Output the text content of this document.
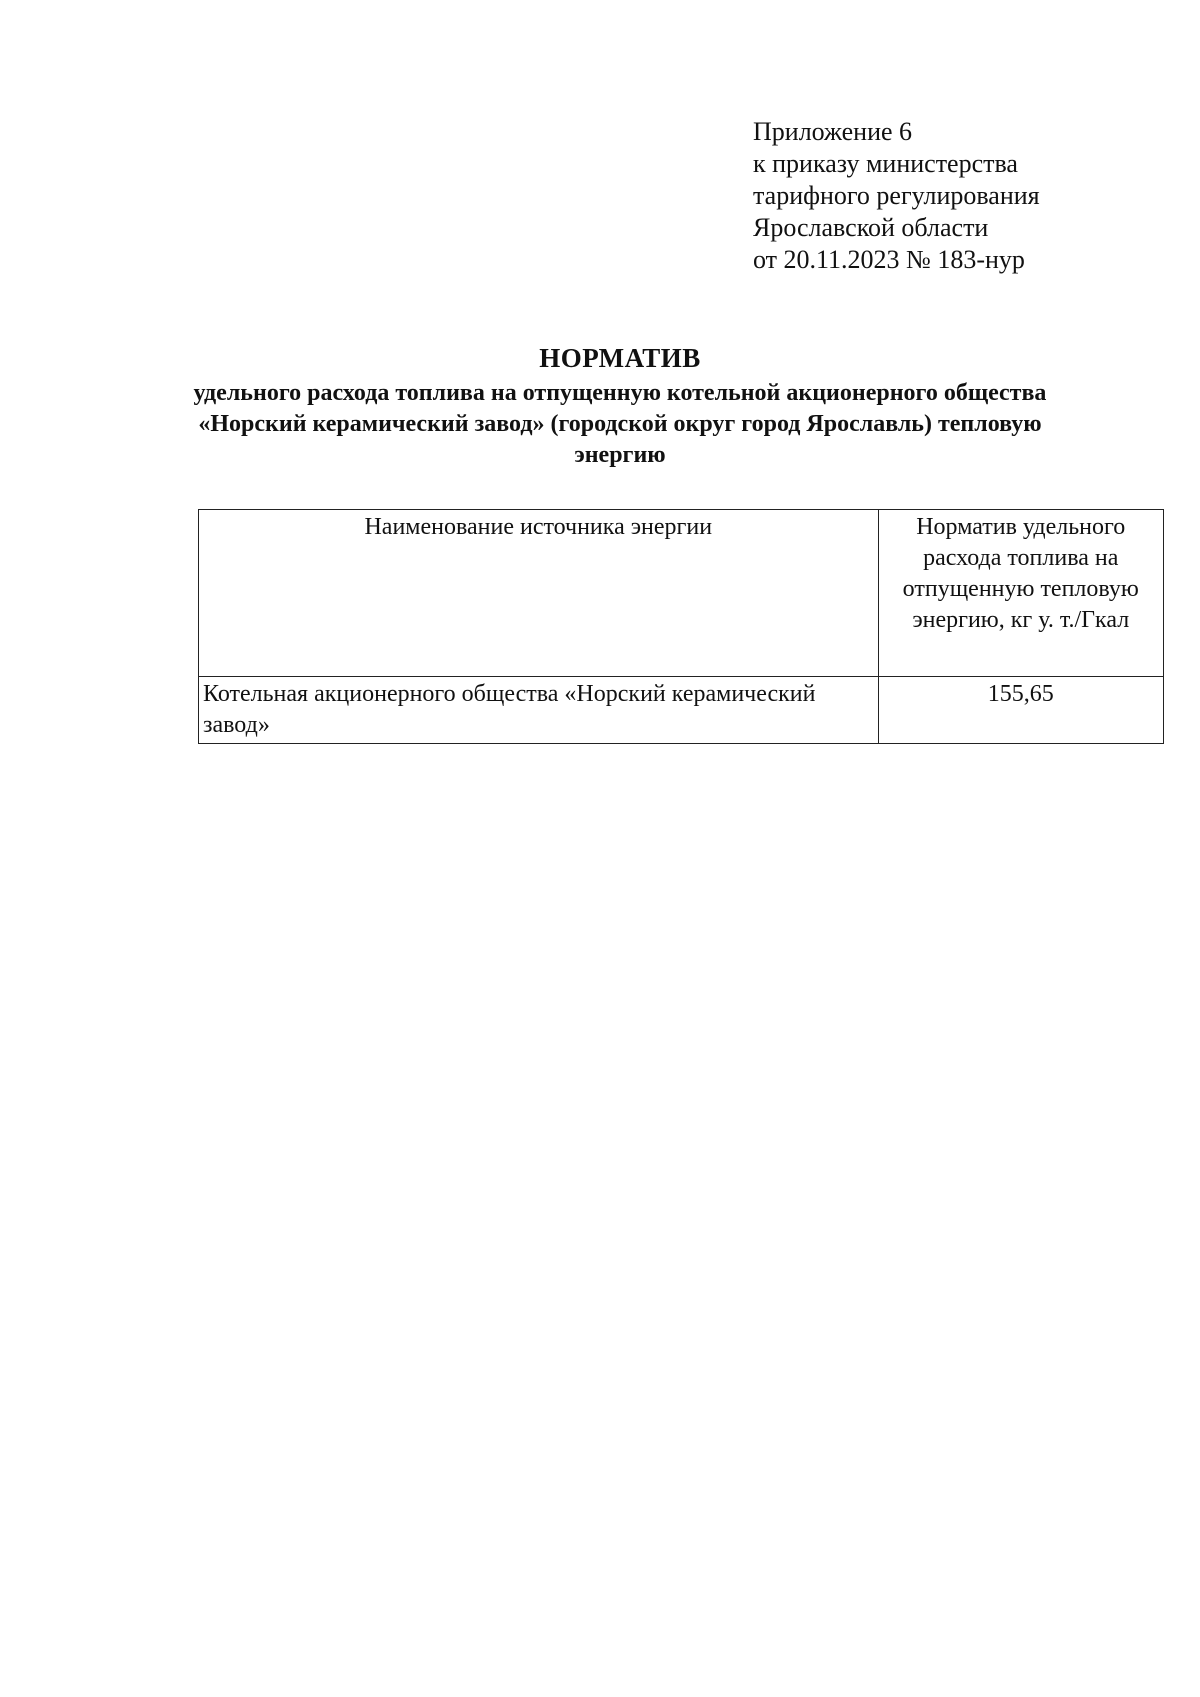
Приложение 6
к приказу министерства
тарифного регулирования
Ярославской области
от 20.11.2023 № 183-нур
НОРМАТИВ
удельного расхода топлива на отпущенную котельной акционерного общества «Норский керамический завод» (городской округ город Ярославль) тепловую энергию
Наименование источника энергии	Норматив удельного расхода топлива на отпущенную тепловую энергию, кг у. т./Гкал
Котельная акционерного общества «Норский керамический завод»	155,65
